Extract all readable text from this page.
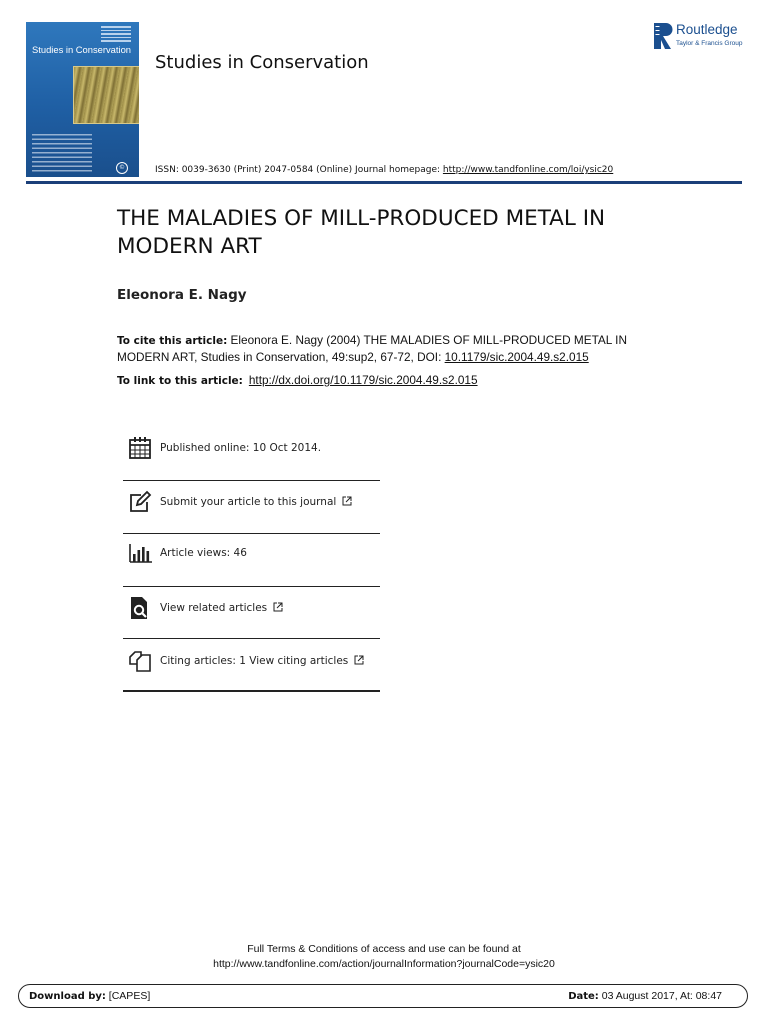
Studies in Conservation
©
Studies in Conservation
ISSN: 0039-3630 (Print) 2047-0584 (Online) Journal homepage: http://www.tandfonline.com/loi/ysic20
Routledge
Taylor & Francis Group
THE MALADIES OF MILL-PRODUCED METAL IN MODERN ART
Eleonora E. Nagy
To cite this article: Eleonora E. Nagy (2004) THE MALADIES OF MILL-PRODUCED METAL IN MODERN ART, Studies in Conservation, 49:sup2, 67-72, DOI: 10.1179/sic.2004.49.s2.015
To link to this article: http://dx.doi.org/10.1179/sic.2004.49.s2.015
Published online: 10 Oct 2014.
Submit your article to this journal
Article views: 46
View related articles
Citing articles: 1 View citing articles
Full Terms & Conditions of access and use can be found at
http://www.tandfonline.com/action/journalInformation?journalCode=ysic20
Download by: [CAPES]	Date: 03 August 2017, At: 08:47
